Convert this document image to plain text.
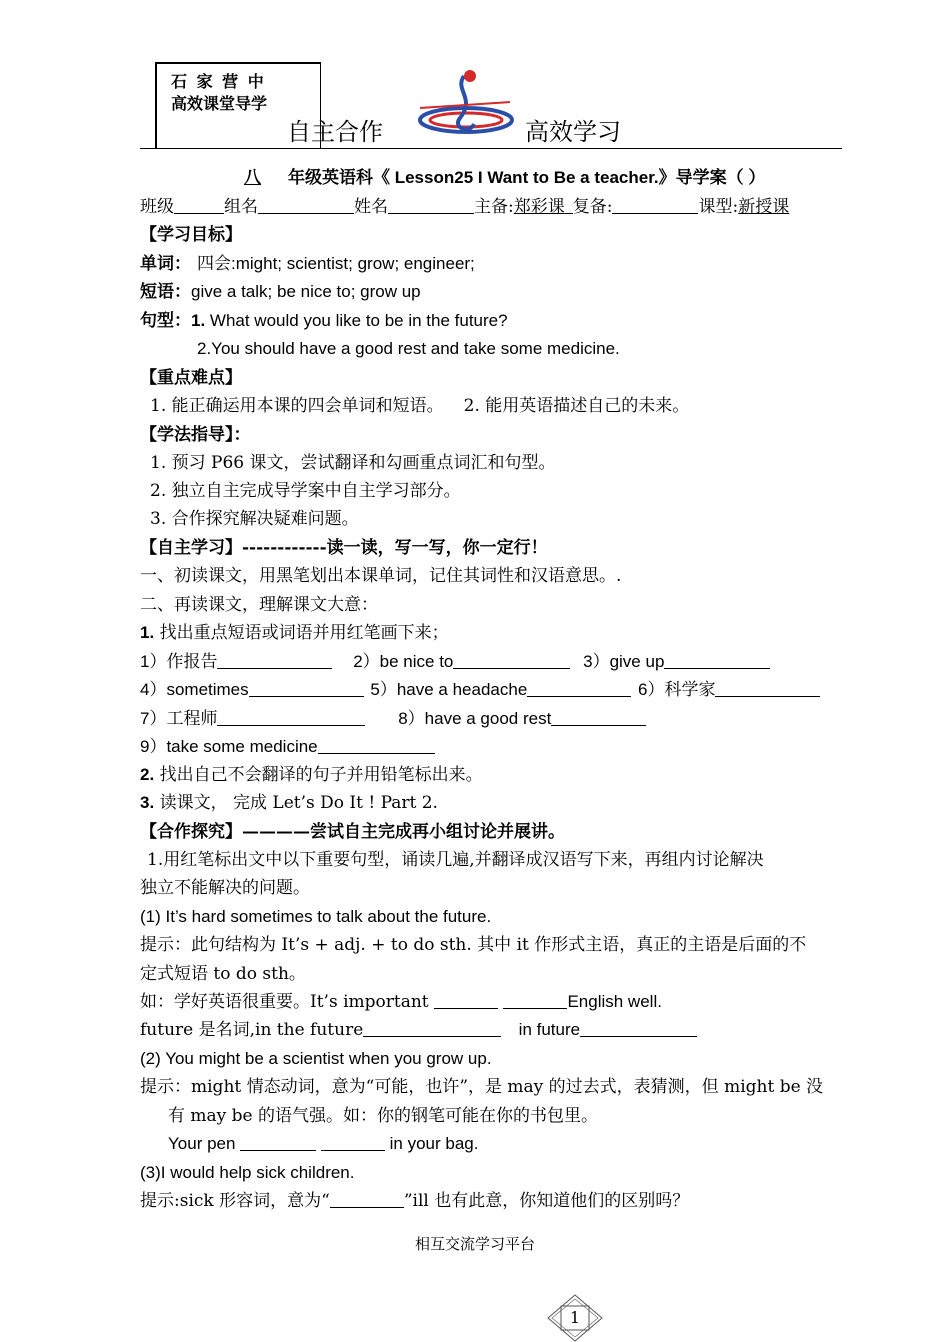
石 家 营 中
高效课堂导学
自主合作	高效学习
八 年级英语科《 Lesson25 I Want to Be a teacher.》导学案（ ）
班级	组名	姓名	主备:郑彩课 复备:	课型:新授课
【学习目标】
单词： 四会:might; scientist; grow; engineer;
短语：give a talk; be nice to; grow up
句型：1. What would you like to be in the future?
2.You should have a good rest and take some medicine.
【重点难点】
1. 能正确运用本课的四会单词和短语。 2. 能用英语描述自己的未来。
【学法指导】：
1. 预习 P66 课文，尝试翻译和勾画重点词汇和句型。
2. 独立自主完成导学案中自主学习部分。
3. 合作探究解决疑难问题。
【自主学习】------------读一读，写一写，你一定行！
一、初读课文，用黑笔划出本课单词，记住其词性和汉语意思。.
二、再读课文，理解课文大意：
1. 找出重点短语或词语并用红笔画下来；
1）作报告	2）be nice to	3）give up
4）sometimes	5）have a headache	6）科学家
7）工程师	8）have a good rest
9）take some medicine
2. 找出自己不会翻译的句子并用铅笔标出来。
3. 读课文， 完成 Let’s Do It ! Part 2.
【合作探究】————尝试自主完成再小组讨论并展讲。
1.用红笔标出文中以下重要句型，诵读几遍,并翻译成汉语写下来，再组内讨论解决
独立不能解决的问题。
(1) It’s hard sometimes to talk about the future.
提示：此句结构为 It’s + adj. + to do sth. 其中 it 作形式主语，真正的主语是后面的不
定式短语 to do sth。
如：学好英语很重要。It’s important	English well.
future 是名词,in the future	in future
(2) You might be a scientist when you grow up.
提示：might 情态动词，意为“可能，也许”，是 may 的过去式，表猜测，但 might be 没
有 may be 的语气强。如：你的钢笔可能在你的书包里。
Your pen	in your bag.
(3)I would help sick children.
提示:sick 形容词，意为“	”ill 也有此意，你知道他们的区别吗？
相互交流学习平台
1
